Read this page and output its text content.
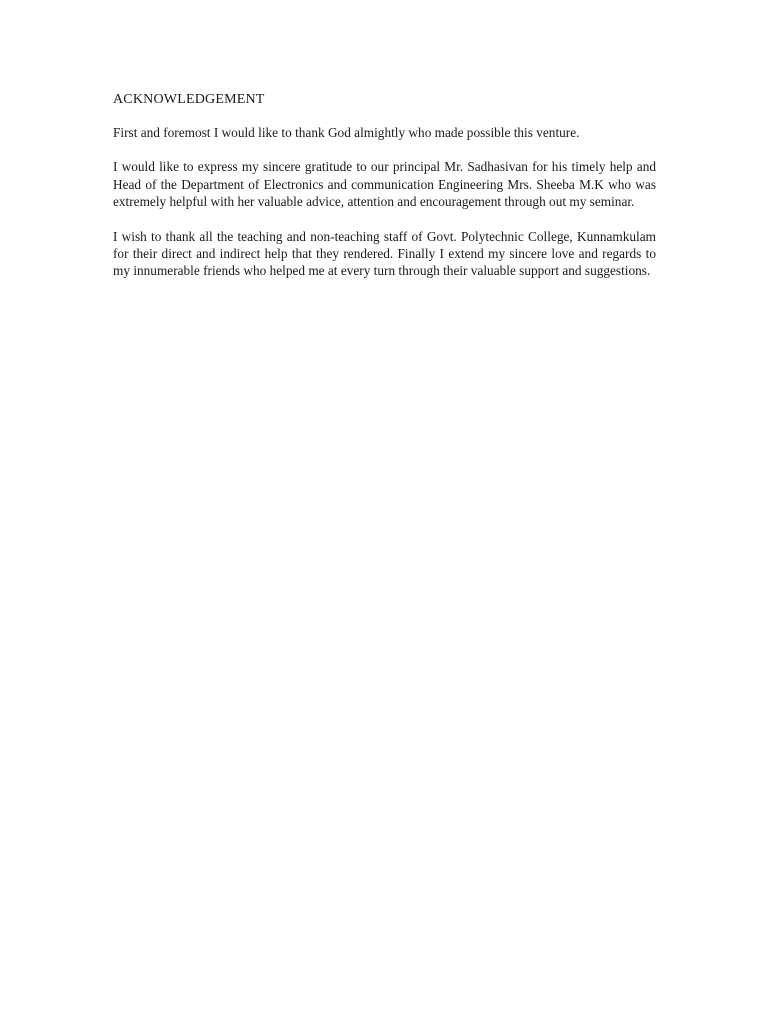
ACKNOWLEDGEMENT

First and foremost I would like to thank God almightly who made possible this venture.

I would like to express my sincere gratitude to our principal Mr. Sadhasivan for his timely help and Head of the Department of Electronics and communication Engineering Mrs. Sheeba M.K who was extremely helpful with her valuable advice, attention and encouragement through out my seminar.

I wish to thank all the teaching and non-teaching staff of Govt. Polytechnic College, Kunnamkulam for their direct and indirect help that they rendered. Finally I extend my sincere love and regards to my innumerable friends who helped me at every turn through their valuable support and suggestions.
